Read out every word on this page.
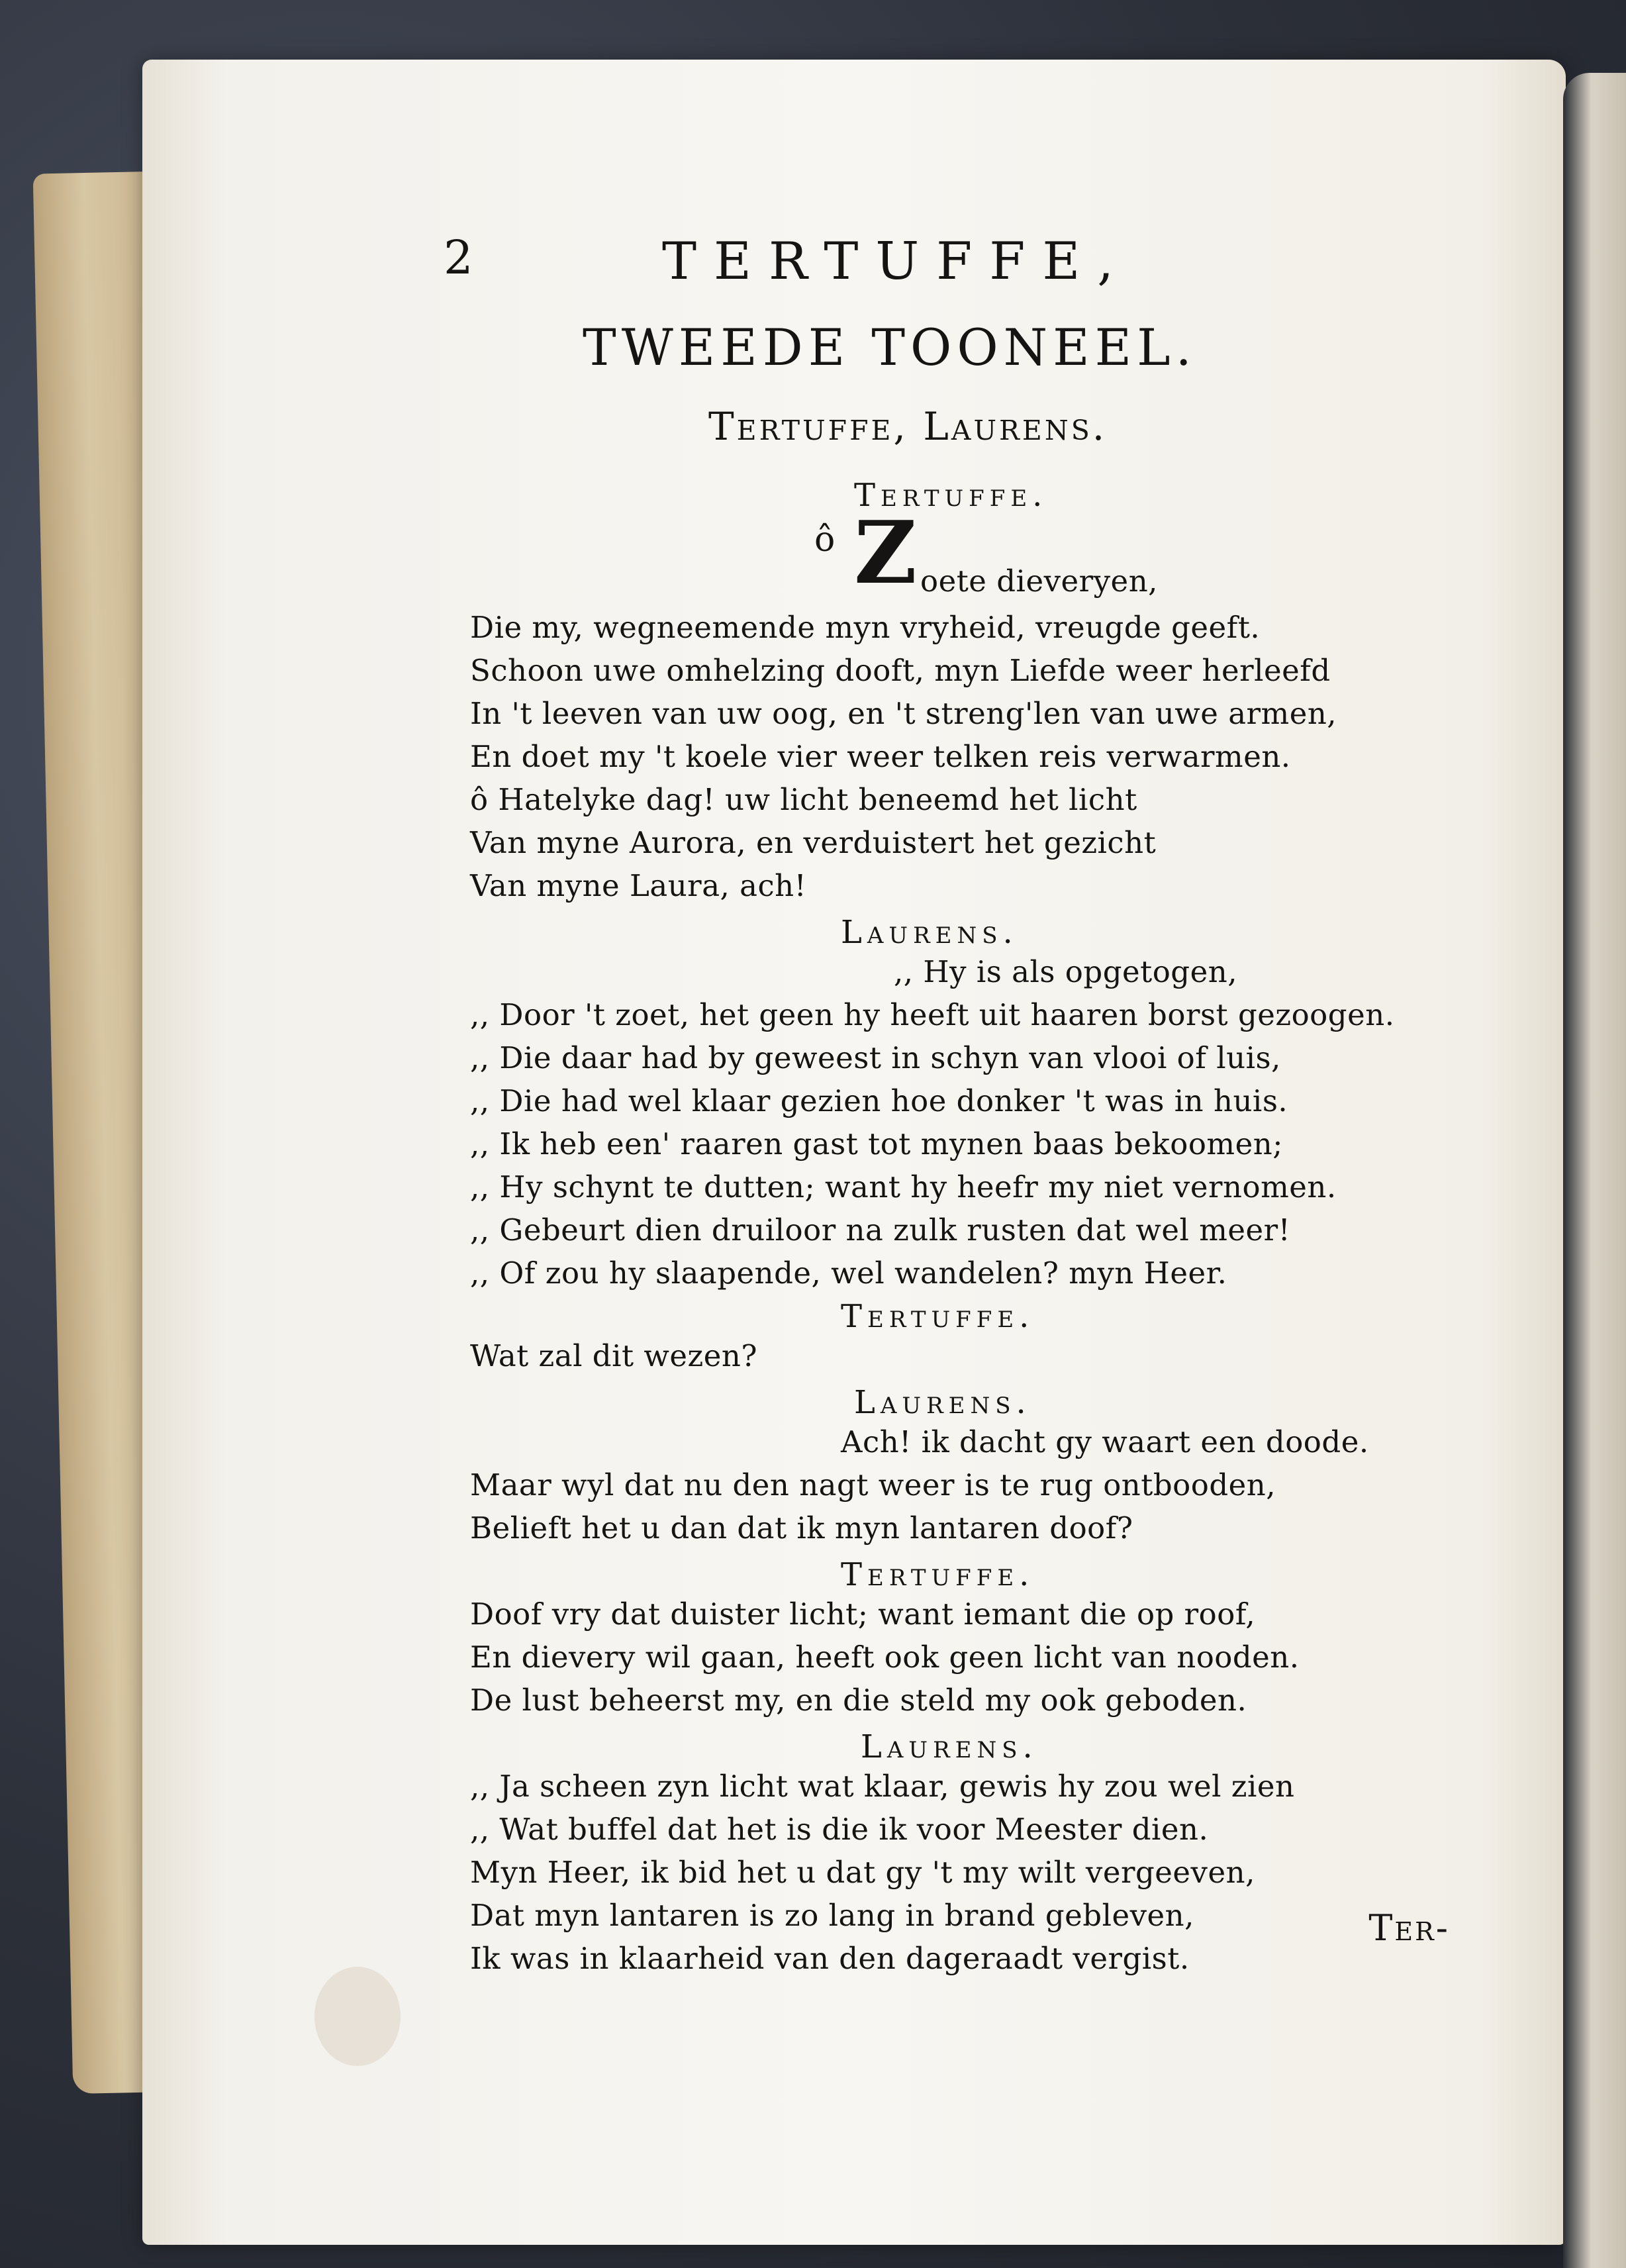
2	TERTUFFE,
TWEEDE TOONEEL.
Tertuffe, Laurens.
Tertuffe.
ô Z oete dieveryen,
Die my, wegneemende myn vryheid, vreugde geeft.
Schoon uwe omhelzing dooft, myn Liefde weer herleefd
In 't leeven van uw oog, en 't streng'len van uwe armen,
En doet my 't koele vier weer telken reis verwarmen.
ô Hatelyke dag! uw licht beneemd het licht
Van myne Aurora, en verduistert het gezicht
Van myne Laura, ach!
Laurens.
,, Hy is als opgetogen,
,, Door 't zoet, het geen hy heeft uit haaren borst gezoogen.
,, Die daar had by geweest in schyn van vlooi of luis,
,, Die had wel klaar gezien hoe donker 't was in huis.
,, Ik heb een' raaren gast tot mynen baas bekoomen;
,, Hy schynt te dutten; want hy heefr my niet vernomen.
,, Gebeurt dien druiloor na zulk rusten dat wel meer!
,, Of zou hy slaapende, wel wandelen? myn Heer.
Tertuffe.
Wat zal dit wezen?
Laurens.
Ach! ik dacht gy waart een doode.
Maar wyl dat nu den nagt weer is te rug ontbooden,
Belieft het u dan dat ik myn lantaren doof?
Tertuffe.
Doof vry dat duister licht; want iemant die op roof,
En dievery wil gaan, heeft ook geen licht van nooden.
De lust beheerst my, en die steld my ook geboden.
Laurens.
,, Ja scheen zyn licht wat klaar, gewis hy zou wel zien
,, Wat buffel dat het is die ik voor Meester dien.
Myn Heer, ik bid het u dat gy 't my wilt vergeeven,
Dat myn lantaren is zo lang in brand gebleven,
Ik was in klaarheid van den dageraadt vergist.
Ter-
